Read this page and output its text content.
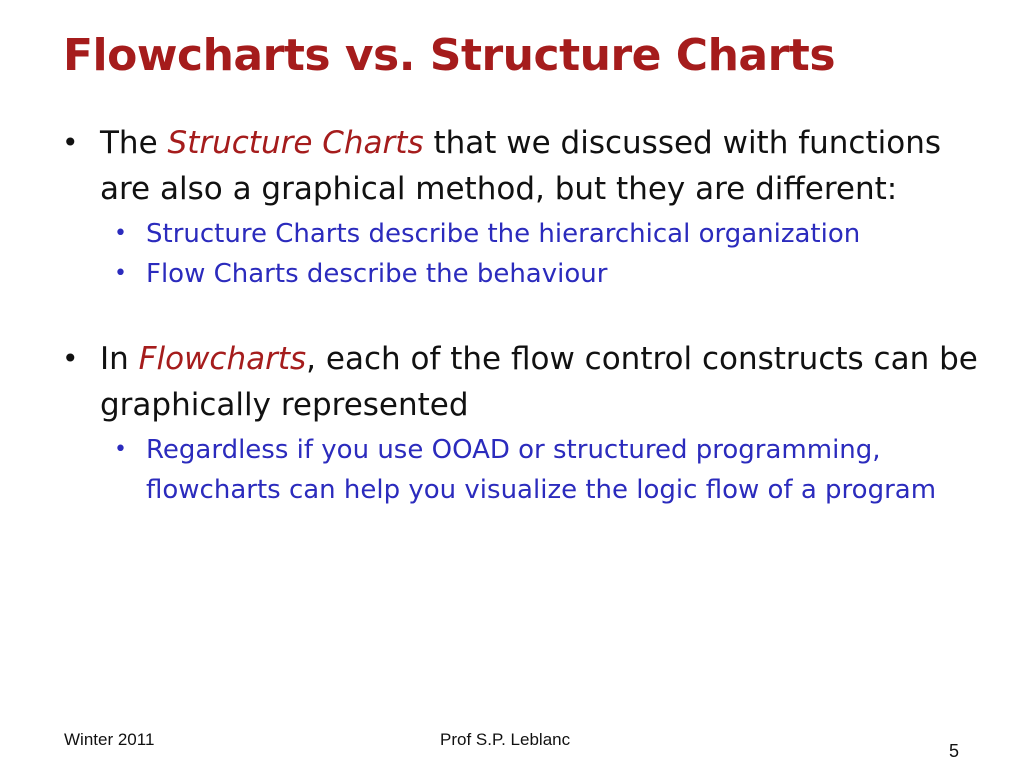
Flowcharts vs. Structure Charts
• The Structure Charts that we discussed with functions are also a graphical method, but they are different:
• Structure Charts describe the hierarchical organization
• Flow Charts describe the behaviour
• In Flowcharts, each of the flow control constructs can be graphically represented
• Regardless if you use OOAD or structured programming, flowcharts can help you visualize the logic flow of a program
Winter 2011	Prof S.P. Leblanc
5
